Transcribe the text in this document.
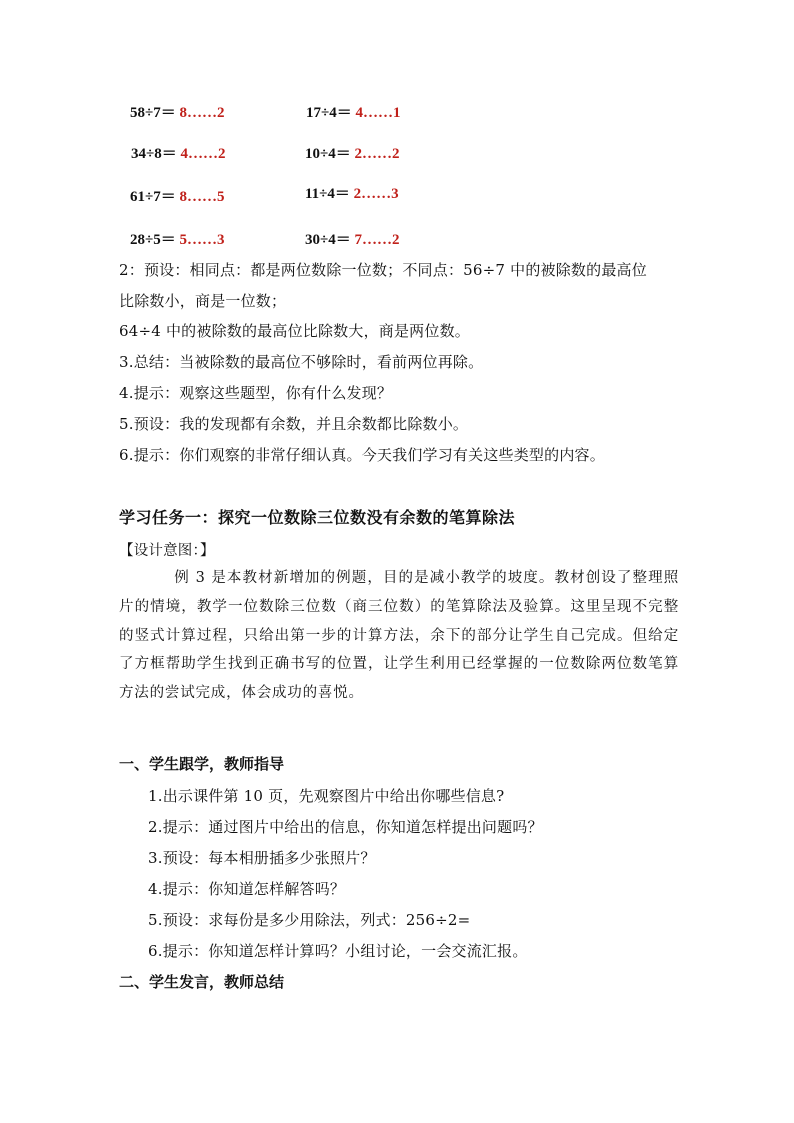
58÷7＝ 8……2	17÷4＝ 4……1
34÷8＝ 4……2	10÷4＝ 2……2
61÷7＝ 8……5	11÷4＝ 2……3
28÷5＝ 5……3	30÷4＝ 7……2
2：预设：相同点：都是两位数除一位数；不同点：56÷7 中的被除数的最高位
比除数小，商是一位数；
64÷4 中的被除数的最高位比除数大，商是两位数。
3.总结：当被除数的最高位不够除时，看前两位再除。
4.提示：观察这些题型，你有什么发现？
5.预设：我的发现都有余数，并且余数都比除数小。
6.提示：你们观察的非常仔细认真。今天我们学习有关这些类型的内容。
学习任务一：探究一位数除三位数没有余数的笔算除法
【设计意图：】
例 3 是本教材新增加的例题，目的是减小教学的坡度。教材创设了整理照片的情境，教学一位数除三位数（商三位数）的笔算除法及验算。这里呈现不完整的竖式计算过程，只给出第一步的计算方法，余下的部分让学生自己完成。但给定了方框帮助学生找到正确书写的位置，让学生利用已经掌握的一位数除两位数笔算方法的尝试完成，体会成功的喜悦。
一、学生跟学，教师指导
1.出示课件第 10 页，先观察图片中给出你哪些信息?
2.提示：通过图片中给出的信息，你知道怎样提出问题吗？
3.预设：每本相册插多少张照片？
4.提示：你知道怎样解答吗？
5.预设：求每份是多少用除法，列式：256÷2=
6.提示：你知道怎样计算吗？小组讨论，一会交流汇报。
二、学生发言，教师总结
